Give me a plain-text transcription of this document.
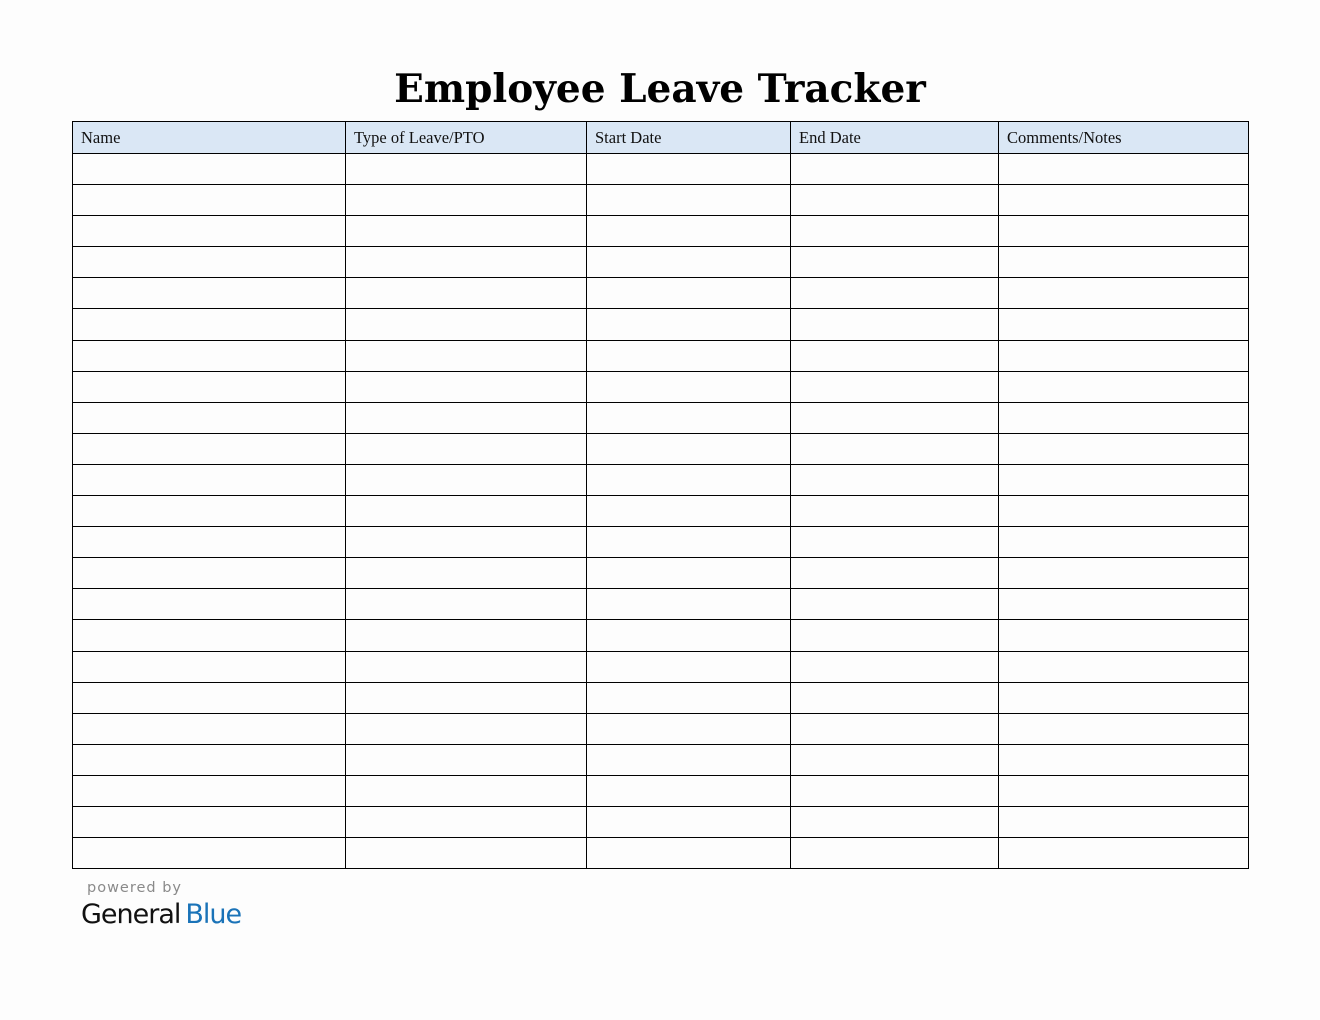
Employee Leave Tracker
Name	Type of Leave/PTO	Start Date	End Date	Comments/Notes

powered by
General Blue
